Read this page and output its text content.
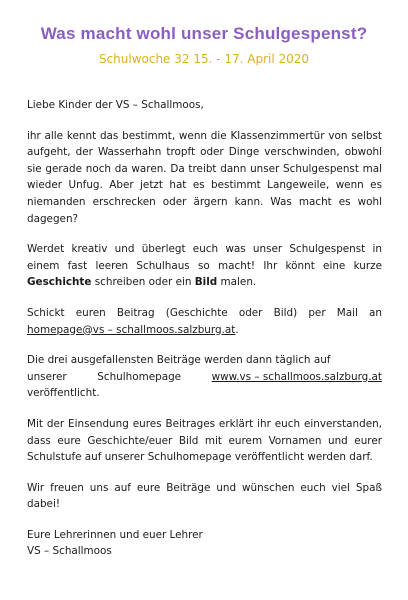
Was macht wohl unser Schulgespenst?
Schulwoche 32 15. - 17. April 2020

Liebe Kinder der VS – Schallmoos,

ihr alle kennt das bestimmt, wenn die Klassenzimmertür von selbst aufgeht, der Wasserhahn tropft oder Dinge verschwinden, obwohl sie gerade noch da waren. Da treibt dann unser Schulgespenst mal wieder Unfug. Aber jetzt hat es bestimmt Langeweile, wenn es niemanden erschrecken oder ärgern kann. Was macht es wohl dagegen?

Werdet kreativ und überlegt euch was unser Schulgespenst in einem fast leeren Schulhaus so macht! Ihr könnt eine kurze Geschichte schreiben oder ein Bild malen.

Schickt euren Beitrag (Geschichte oder Bild) per Mail an homepage@vs – schallmoos.salzburg.at.

Die drei ausgefallensten Beiträge werden dann täglich auf
unserer	Schulhomepage	www.vs – schallmoos.salzburg.at
veröffentlicht.

Mit der Einsendung eures Beitrages erklärt ihr euch einverstanden, dass eure Geschichte/euer Bild mit eurem Vornamen und eurer Schulstufe auf unserer Schulhomepage veröffentlicht werden darf.

Wir freuen uns auf eure Beiträge und wünschen euch viel Spaß dabei!

Eure Lehrerinnen und euer Lehrer
VS – Schallmoos
